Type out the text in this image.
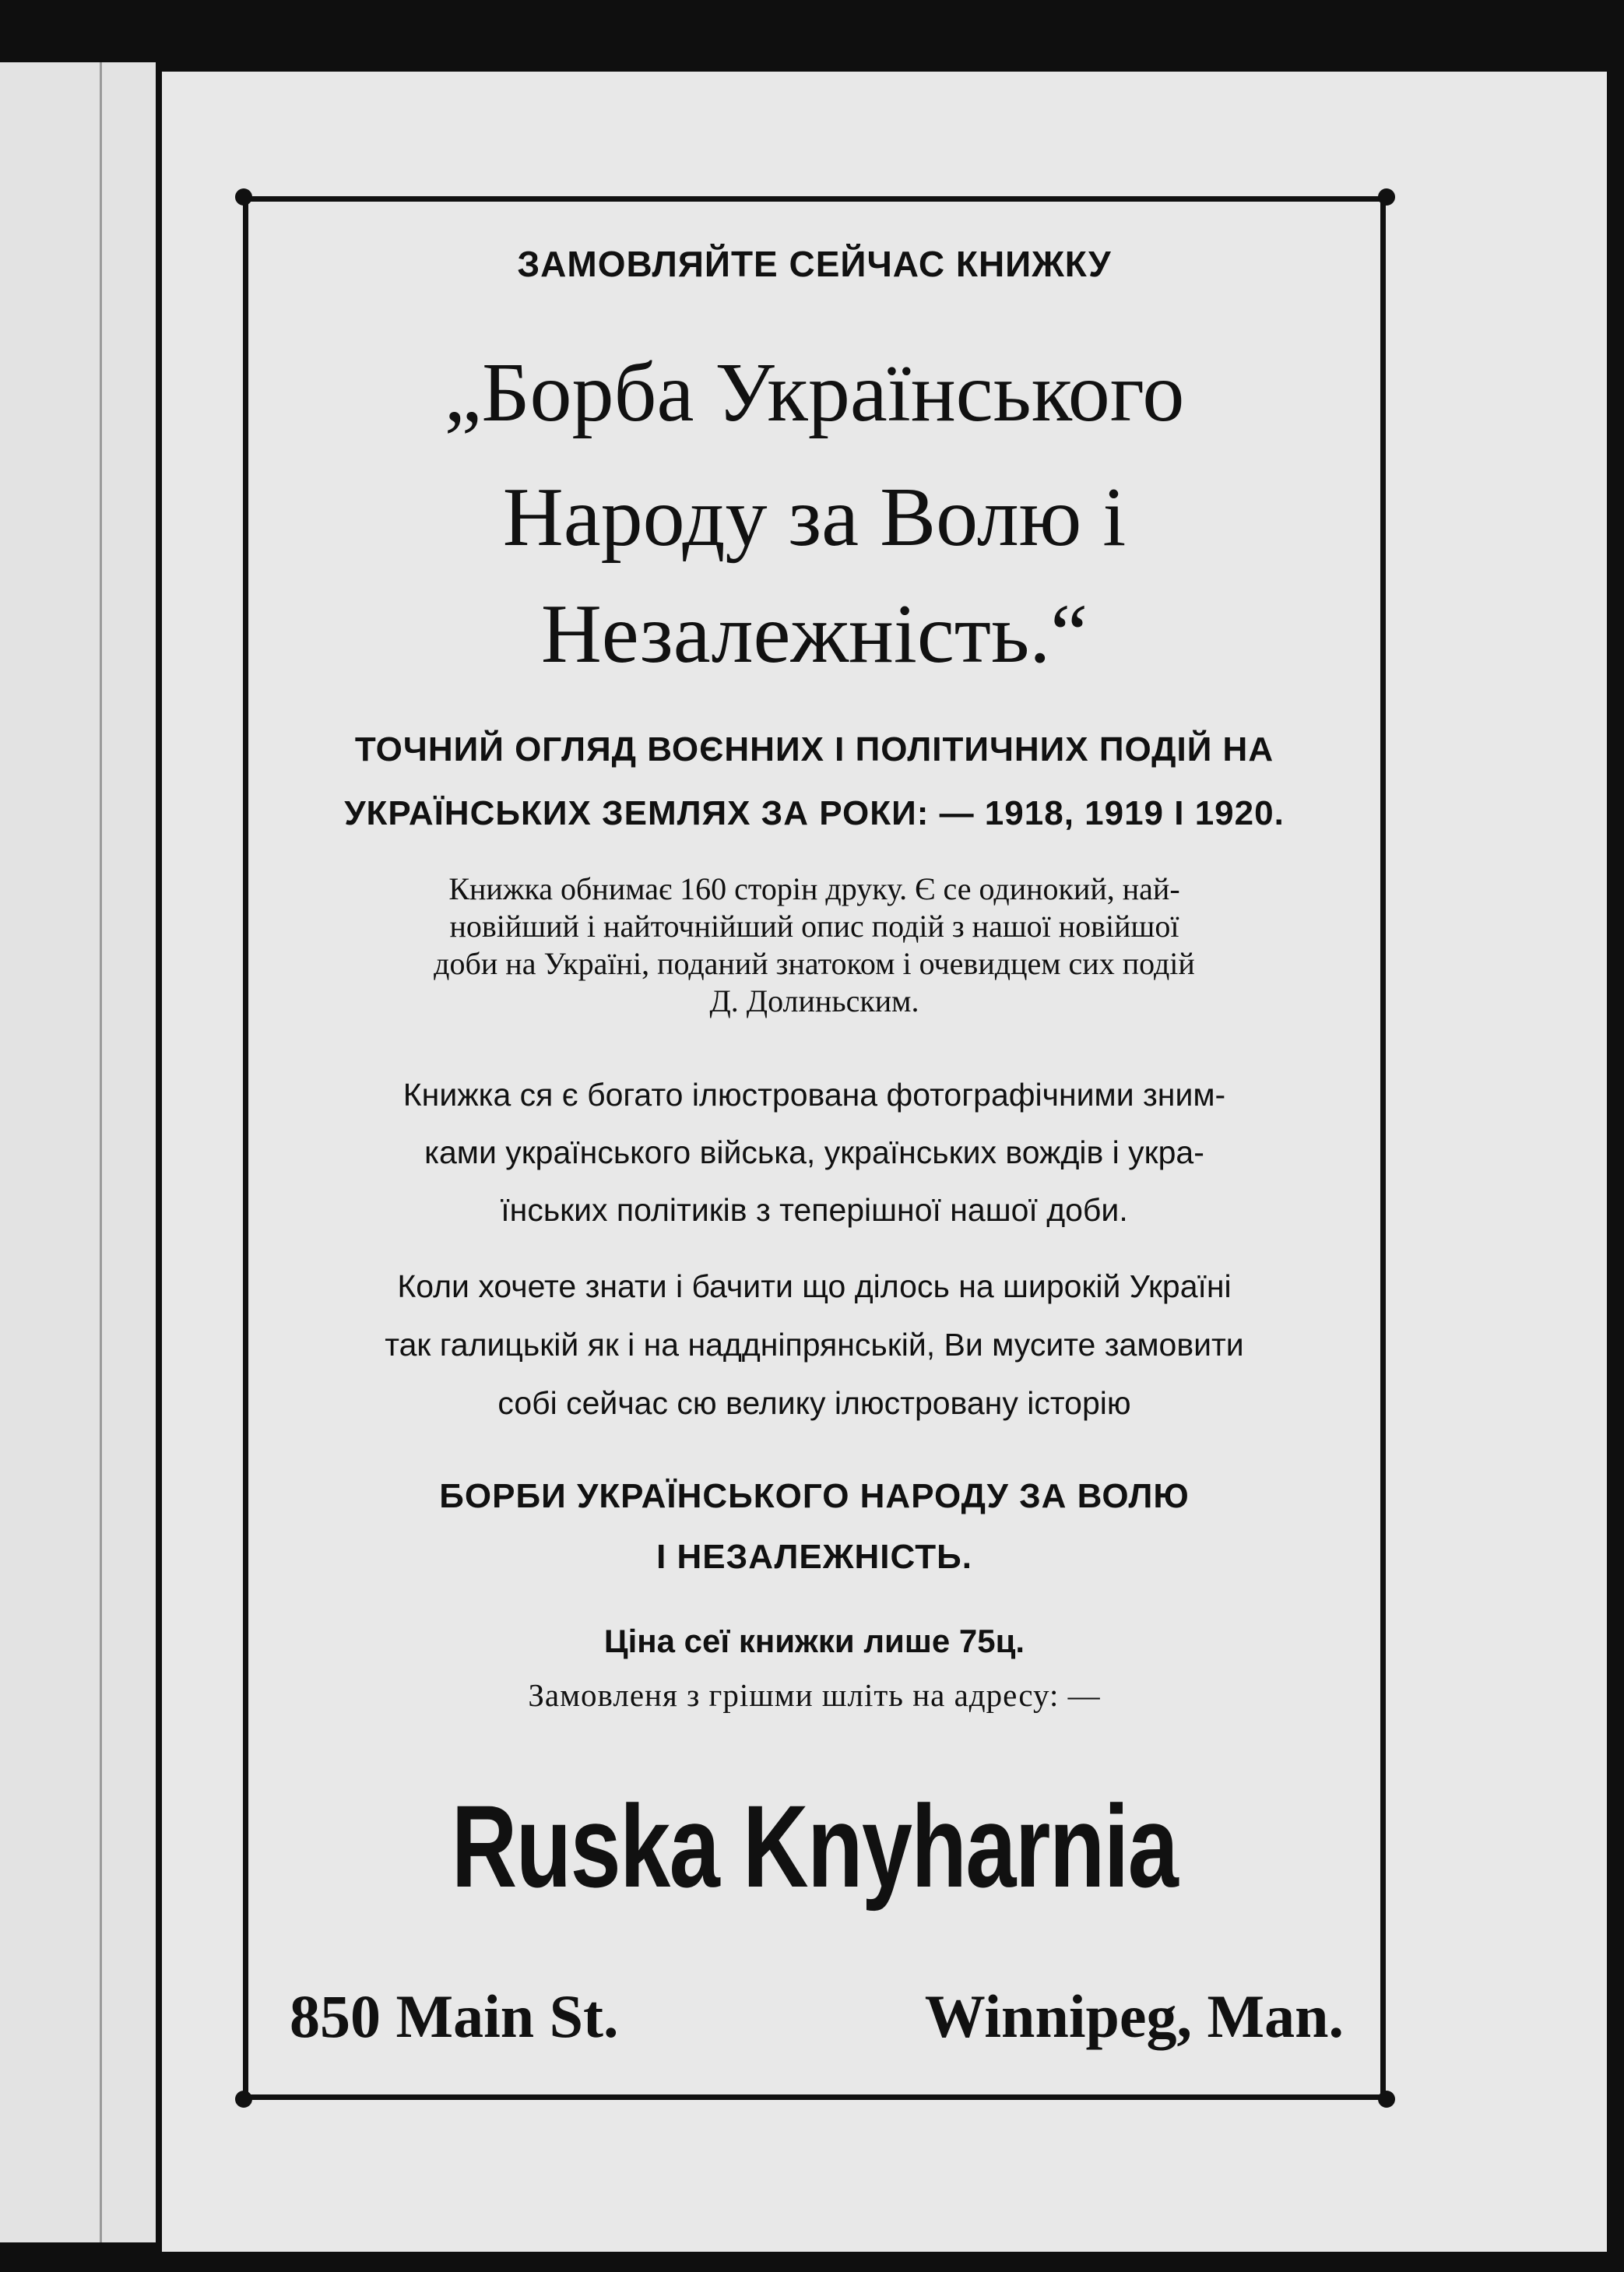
ЗАМОВЛЯЙТЕ СЕЙЧАС КНИЖКУ

„Борба Українського

Народу за Волю і

Незалежність.“

ТОЧНИЙ ОГЛЯД ВОЄННИХ І ПОЛІТИЧНИХ ПОДІЙ НА

УКРАЇНСЬКИХ ЗЕМЛЯХ ЗА РОКИ: — 1918, 1919 І 1920.

Книжка обнимає 160 сторін друку. Є се одинокий, най-

новійший і найточнійший опис подій з нашої новійшої

доби на Україні, поданий знатоком і очевидцем сих подій

Д. Долиньским.

Книжка ся є богато ілюстрована фотографічними зним-

ками українського війська, українських вождів і укра-

їнських політиків з теперішної нашої доби.

Коли хочете знати і бачити що ділось на широкій Україні

так галицькій як і на наддніпрянській, Ви мусите замовити

собі сейчас сю велику ілюстровану історію

БОРБИ УКРАЇНСЬКОГО НАРОДУ ЗА ВОЛЮ

І НЕЗАЛЕЖНІСТЬ.

Ціна сеї книжки лише 75ц.

Замовленя з грішми шліть на адресу: —

Ruska Knyharnia

850 Main St.	Winnipeg, Man.
